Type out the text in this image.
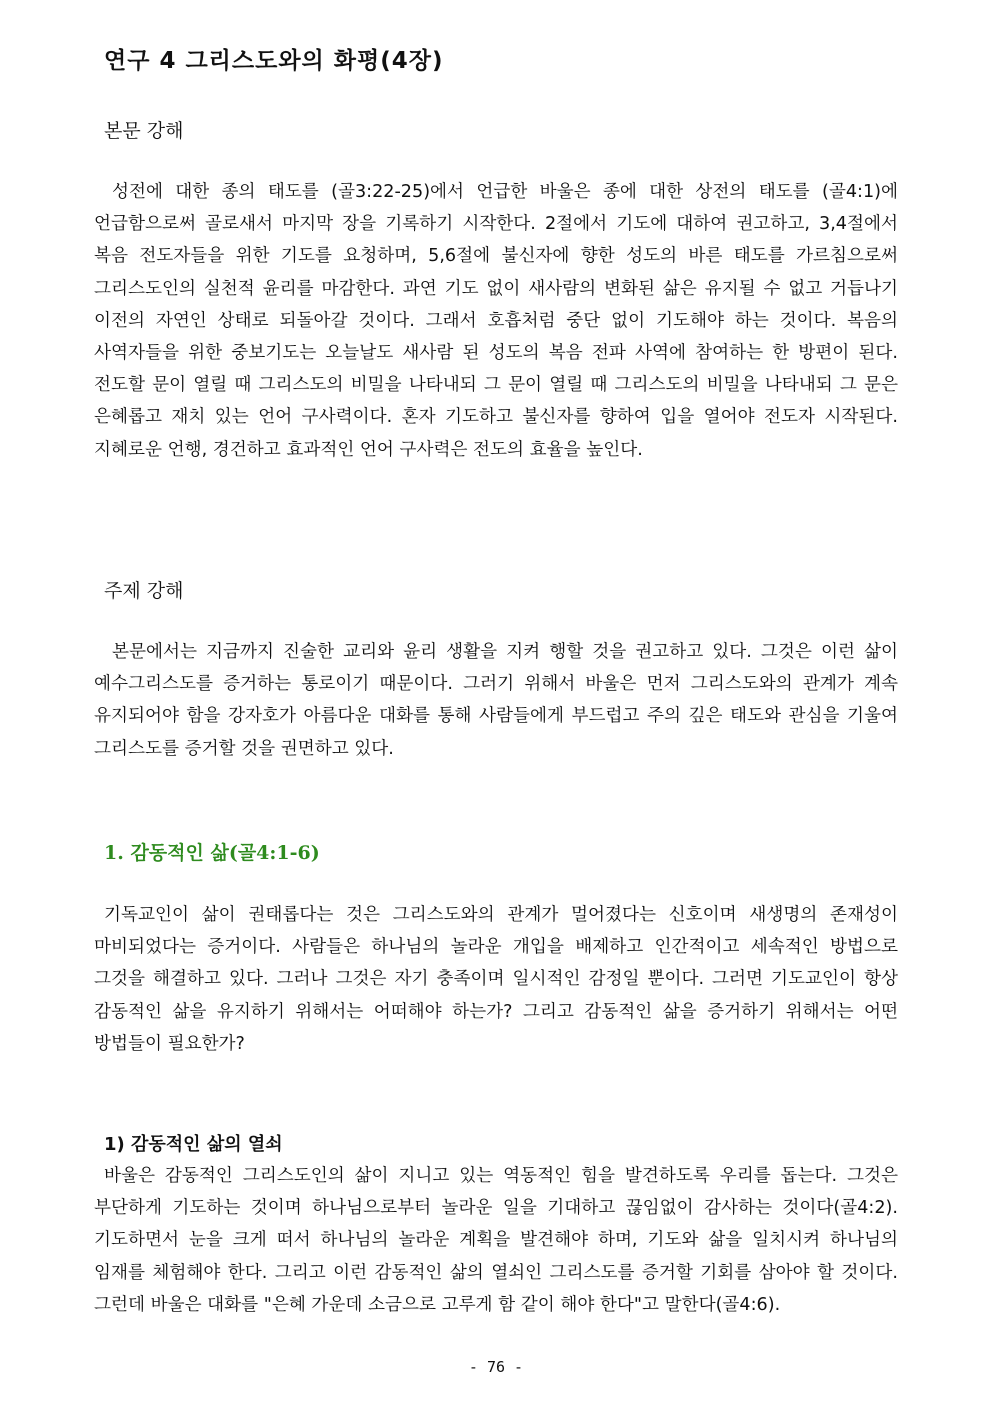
연구 4 그리스도와의 화평(4장)
본문 강해

성전에 대한 종의 태도를 (골3:22-25)에서 언급한 바울은 종에 대한 상전의 태도를 (골4:1)에 언급함으로써 골로새서 마지막 장을 기록하기 시작한다. 2절에서 기도에 대하여 권고하고, 3,4절에서 복음 전도자들을 위한 기도를 요청하며, 5,6절에 불신자에 향한 성도의 바른 태도를 가르침으로써 그리스도인의 실천적 윤리를 마감한다. 과연 기도 없이 새사람의 변화된 삶은 유지될 수 없고 거듭나기 이전의 자연인 상태로 되돌아갈 것이다. 그래서 호흡처럼 중단 없이 기도해야 하는 것이다. 복음의 사역자들을 위한 중보기도는 오늘날도 새사람 된 성도의 복음 전파 사역에 참여하는 한 방편이 된다. 전도할 문이 열릴 때 그리스도의 비밀을 나타내되 그 문이 열릴 때 그리스도의 비밀을 나타내되 그 문은 은혜롭고 재치 있는 언어 구사력이다. 혼자 기도하고 불신자를 향하여 입을 열어야 전도자 시작된다. 지혜로운 언행, 경건하고 효과적인 언어 구사력은 전도의 효율을 높인다.

주제 강해

본문에서는 지금까지 진술한 교리와 윤리 생활을 지켜 행할 것을 권고하고 있다. 그것은 이런 삶이 예수그리스도를 증거하는 통로이기 때문이다. 그러기 위해서 바울은 먼저 그리스도와의 관계가 계속 유지되어야 함을 강자호가 아름다운 대화를 통해 사람들에게 부드럽고 주의 깊은 태도와 관심을 기울여 그리스도를 증거할 것을 권면하고 있다.

1. 감동적인 삶(골4:1-6)

기독교인이 삶이 권태롭다는 것은 그리스도와의 관계가 멀어졌다는 신호이며 새생명의 존재성이 마비되었다는 증거이다. 사람들은 하나님의 놀라운 개입을 배제하고 인간적이고 세속적인 방법으로 그것을 해결하고 있다. 그러나 그것은 자기 충족이며 일시적인 감정일 뿐이다. 그러면 기도교인이 항상 감동적인 삶을 유지하기 위해서는 어떠해야 하는가? 그리고 감동적인 삶을 증거하기 위해서는 어떤 방법들이 필요한가?

1) 감동적인 삶의 열쇠

바울은 감동적인 그리스도인의 삶이 지니고 있는 역동적인 힘을 발견하도록 우리를 돕는다. 그것은 부단하게 기도하는 것이며 하나님으로부터 놀라운 일을 기대하고 끊임없이 감사하는 것이다(골4:2). 기도하면서 눈을 크게 떠서 하나님의 놀라운 계획을 발견해야 하며, 기도와 삶을 일치시켜 하나님의 임재를 체험해야 한다. 그리고 이런 감동적인 삶의 열쇠인 그리스도를 증거할 기회를 삼아야 할 것이다. 그런데 바울은 대화를 "은혜 가운데 소금으로 고루게 함 같이 해야 한다"고 말한다(골4:6).

- 76 -
